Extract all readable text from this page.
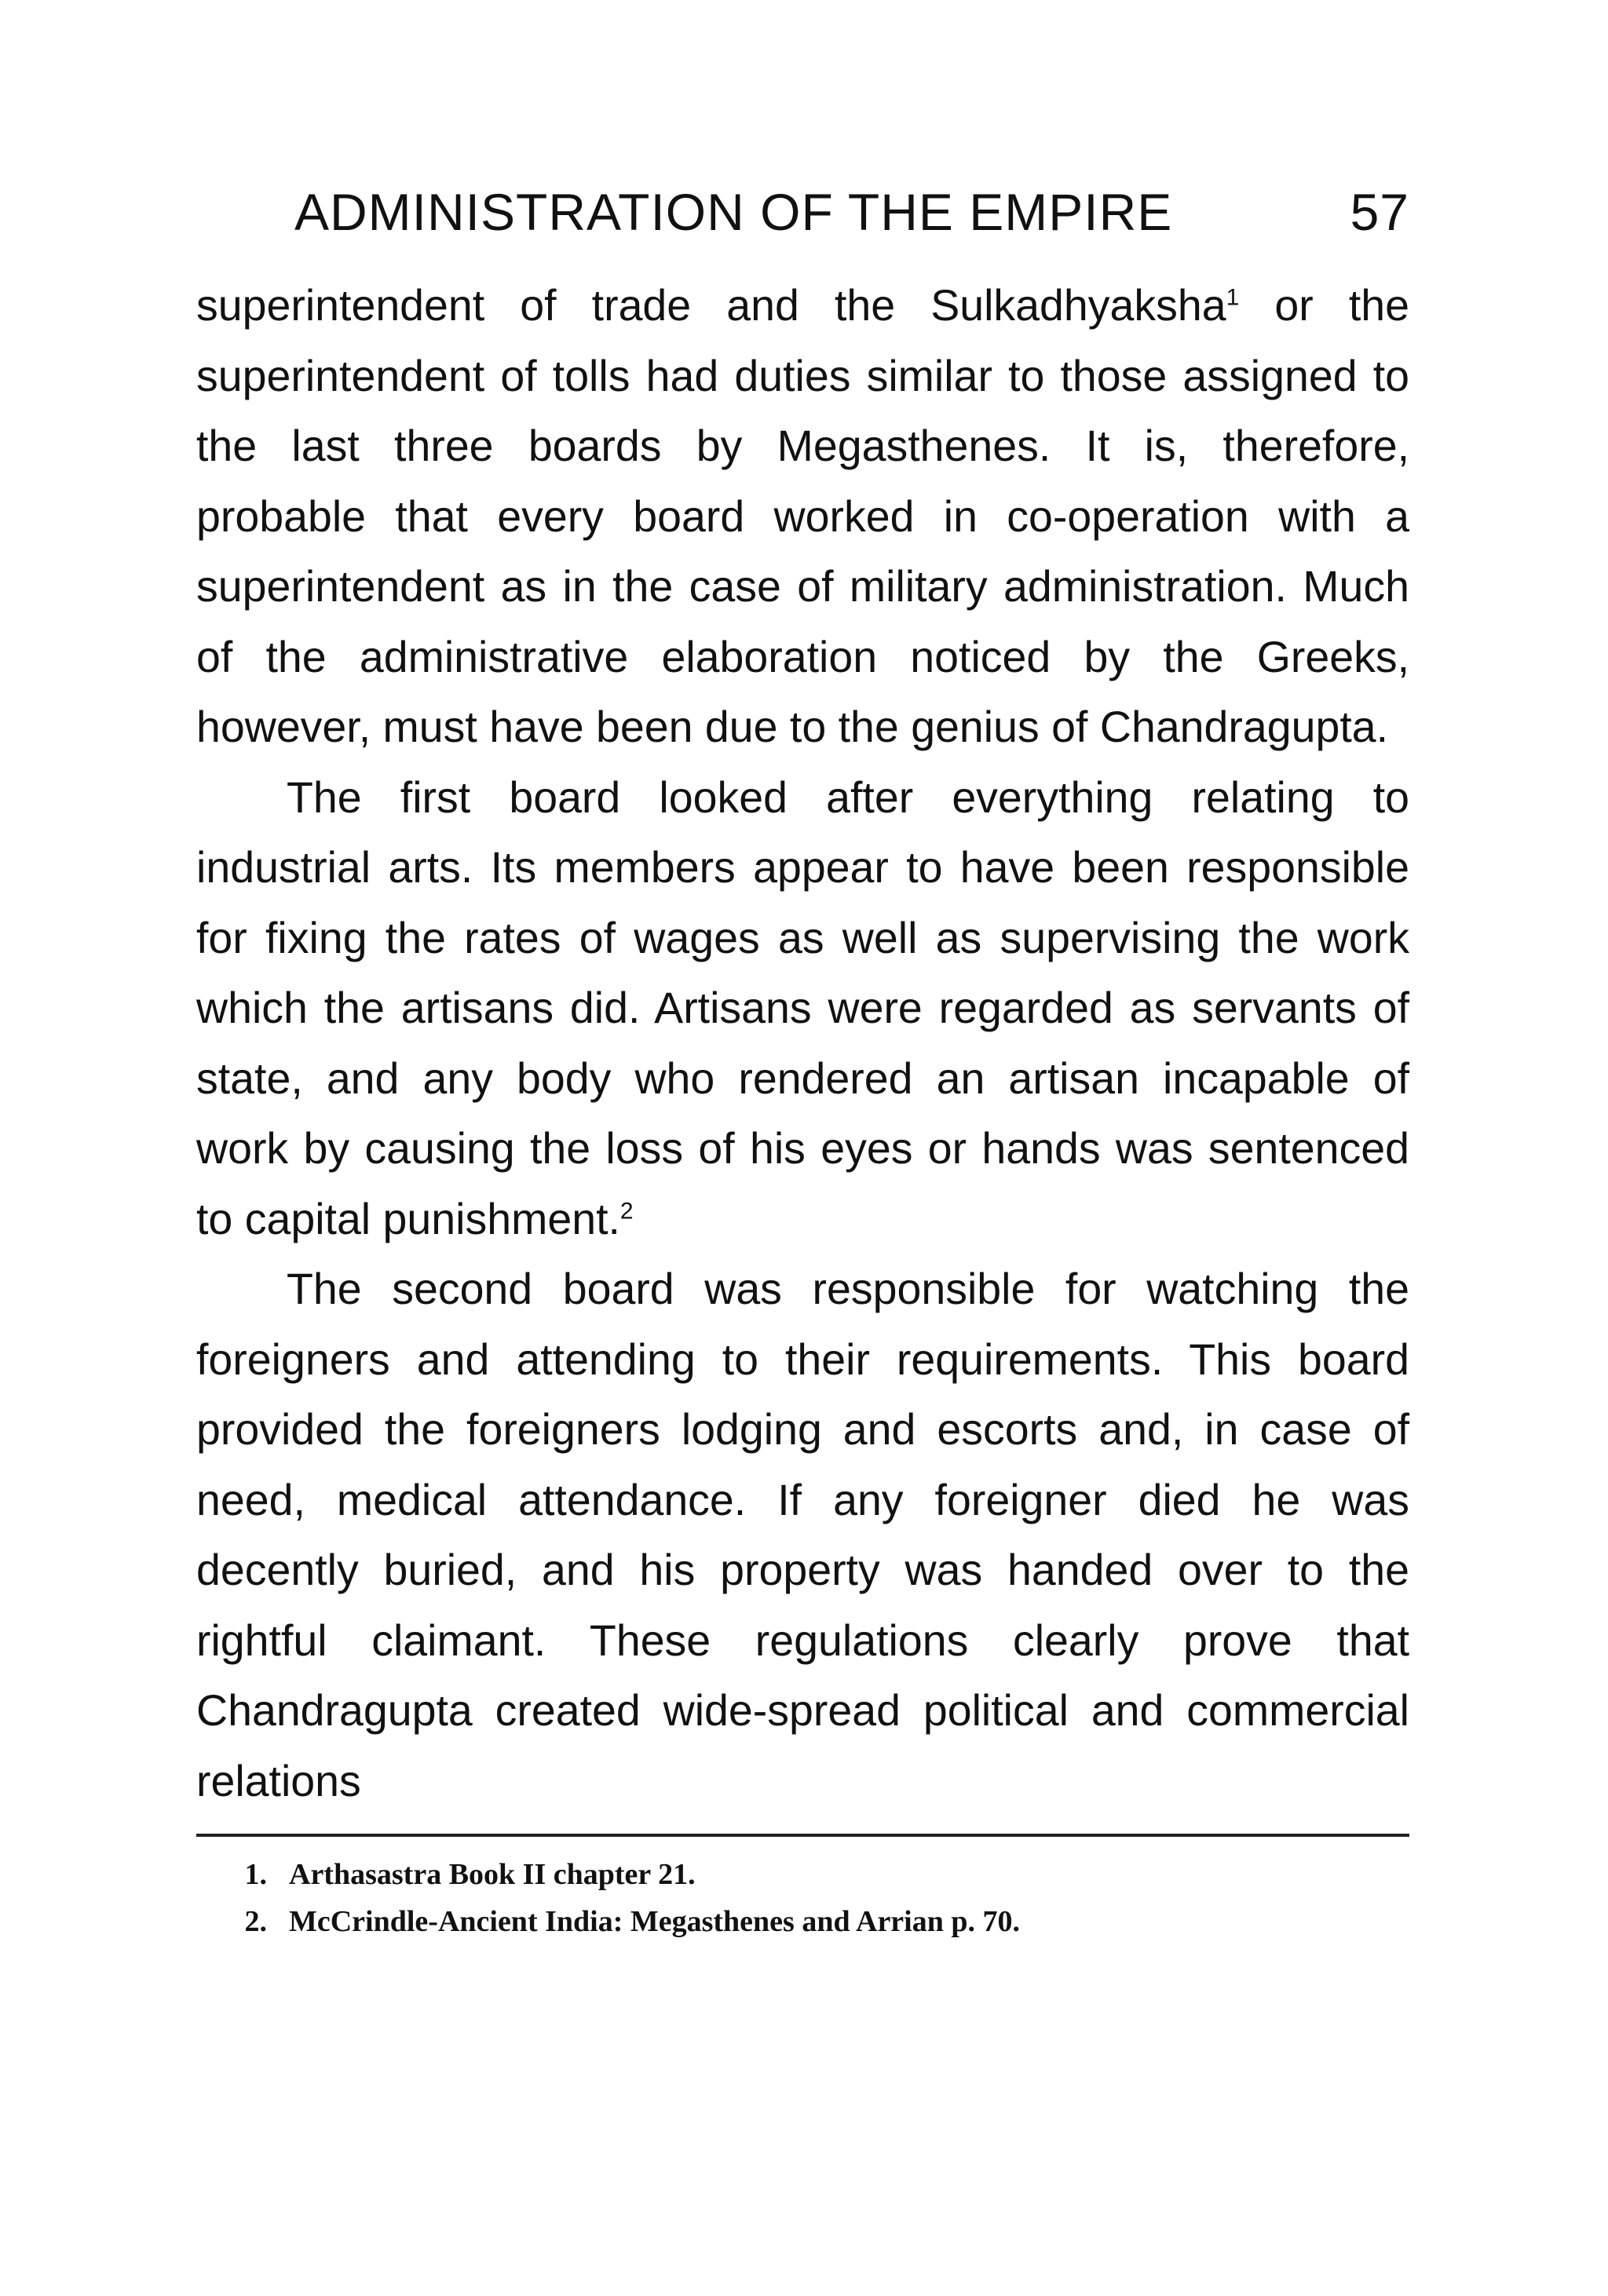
ADMINISTRATION OF THE EMPIRE	57

superintendent of trade and the Sulkadhyaksha$^1$ or the superintendent of tolls had duties similar to those assigned to the last three boards by Megasthenes. It is, therefore, probable that every board worked in co-operation with a superintendent as in the case of military administration. Much of the administrative elaboration noticed by the Greeks, however, must have been due to the genius of Chandragupta.

The first board looked after everything relating to industrial arts. Its members appear to have been responsible for fixing the rates of wages as well as supervising the work which the artisans did. Artisans were regarded as servants of state, and any body who rendered an artisan incapable of work by causing the loss of his eyes or hands was sentenced to capital punishment.$^2$

The second board was responsible for watching the foreigners and attending to their requirements. This board provided the foreigners lodging and escorts and, in case of need, medical attendance. If any foreigner died he was decently buried, and his property was handed over to the rightful claimant. These regulations clearly prove that Chandragupta created wide-spread political and commercial relations

1. Arthasastra Book II chapter 21.
2. McCrindle-Ancient India: Megasthenes and Arrian p. 70.
